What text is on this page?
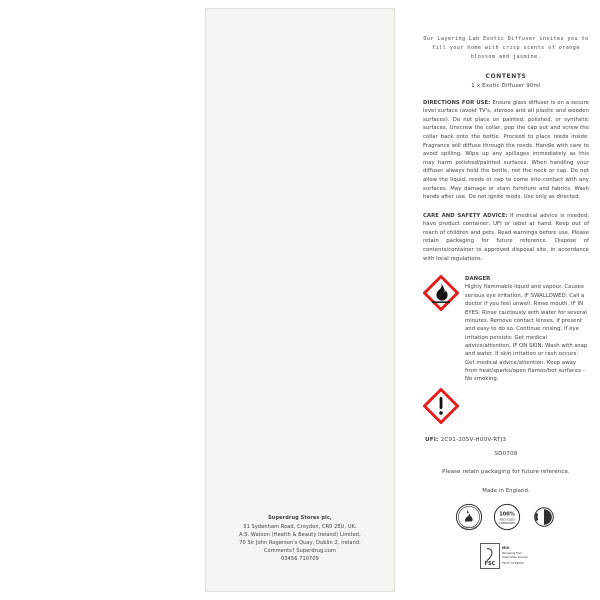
Our Layering Lab Exotic Diffuser invites you to fill your home with crisp scents of orange blossom and jasmine.
CONTENTS
1 x Exotic Diffuser 90ml
DIRECTIONS FOR USE: Ensure glass diffuser is on a secure level surface (avoid TV's, stereos and all plastic and wooden surfaces). Do not place on painted, polished, or synthetic surfaces. Unscrew the collar, pop the cap out and screw the collar back onto the bottle. Proceed to place reeds inside. Fragrance will diffuse through the reeds. Handle with care to avoid spilling. Wipe up any spillages immediately as this may harm polished/painted surfaces. When handling your diffuser always hold the bottle, not the neck or cap. Do not allow the liquid, reeds or cap to come into contact with any surfaces. May damage or stain furniture and fabrics. Wash hands after use. Do not ignite reeds. Use only as directed.
CARE AND SAFETY ADVICE: If medical advice is needed, have product container, UFI or label at hand. Keep out of reach of children and pets. Read warnings before use. Please retain packaging for future reference. Dispose of contents/container to approved disposal site, in accordance with local regulations.
DANGER
Highly flammable liquid and vapour. Causes serious eye irritation. IF SWALLOWED: Call a doctor if you feel unwell. Rinse mouth. IF IN EYES: Rinse cautiously with water for several minutes. Remove contact lenses, if present and easy to do so. Continue rinsing. If eye irritation persists: Get medical advice/attention. IF ON SKIN: Wash with soap and water. If skin irritation or rash occurs: Get medical advice/attention. Keep away from heat/sparks/open flames/hot surfaces - No smoking.
UFI: 2C91-205V-H00V-RTJ3
SD0708
Please retain packaging for future reference.
Made in England.
CRUELTY FREE
100%
RECYCLED
CARDBOARD
FSC
MIX
Packaging from
responsible sources
FSC® C184503
Superdrug Stores plc,
51 Sydenham Road, Croydon, CR0 2EU, UK.
A.S. Watson (Health & Beauty Ireland) Limited,
70 Sir John Rogerson's Quay, Dublin 2, Ireland.
Comments? Superdrug.com
03456 710709
